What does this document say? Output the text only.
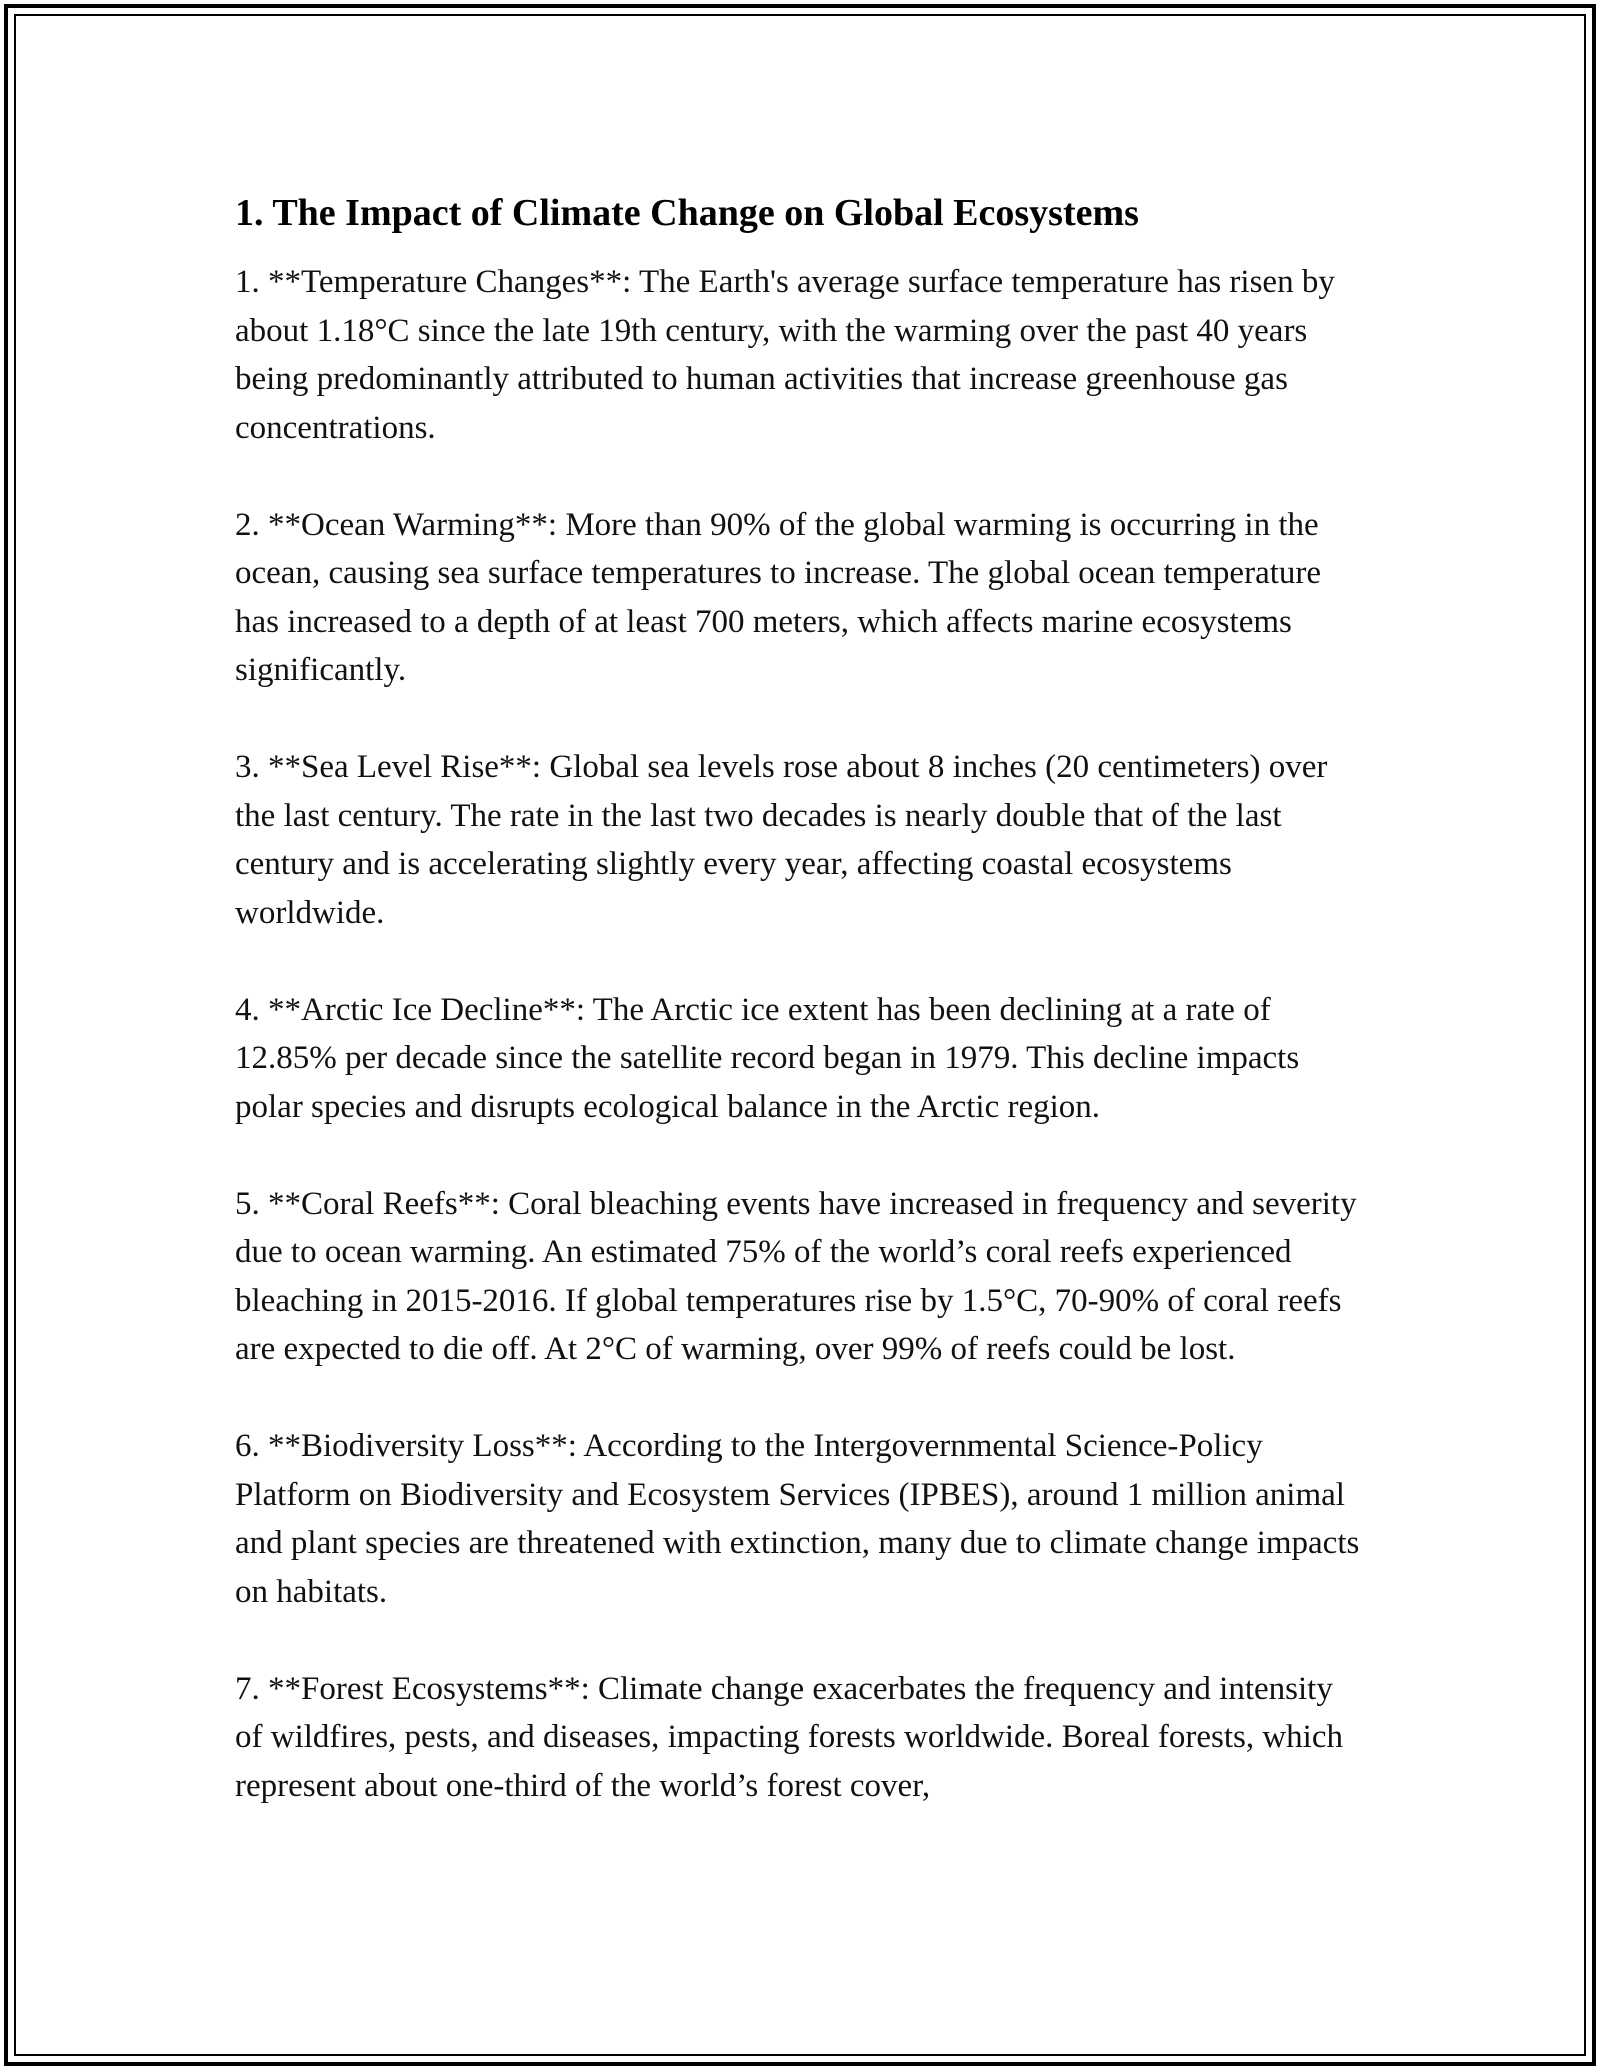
1. The Impact of Climate Change on Global Ecosystems

1. **Temperature Changes**: The Earth's average surface temperature has risen by about 1.18°C since the late 19th century, with the warming over the past 40 years being predominantly attributed to human activities that increase greenhouse gas concentrations.

2. **Ocean Warming**: More than 90% of the global warming is occurring in the ocean, causing sea surface temperatures to increase. The global ocean temperature has increased to a depth of at least 700 meters, which affects marine ecosystems significantly.

3. **Sea Level Rise**: Global sea levels rose about 8 inches (20 centimeters) over the last century. The rate in the last two decades is nearly double that of the last century and is accelerating slightly every year, affecting coastal ecosystems worldwide.

4. **Arctic Ice Decline**: The Arctic ice extent has been declining at a rate of 12.85% per decade since the satellite record began in 1979. This decline impacts polar species and disrupts ecological balance in the Arctic region.

5. **Coral Reefs**: Coral bleaching events have increased in frequency and severity due to ocean warming. An estimated 75% of the world’s coral reefs experienced bleaching in 2015-2016. If global temperatures rise by 1.5°C, 70-90% of coral reefs are expected to die off. At 2°C of warming, over 99% of reefs could be lost.

6. **Biodiversity Loss**: According to the Intergovernmental Science-Policy Platform on Biodiversity and Ecosystem Services (IPBES), around 1 million animal and plant species are threatened with extinction, many due to climate change impacts on habitats.

7. **Forest Ecosystems**: Climate change exacerbates the frequency and intensity of wildfires, pests, and diseases, impacting forests worldwide. Boreal forests, which represent about one-third of the world’s forest cover,
